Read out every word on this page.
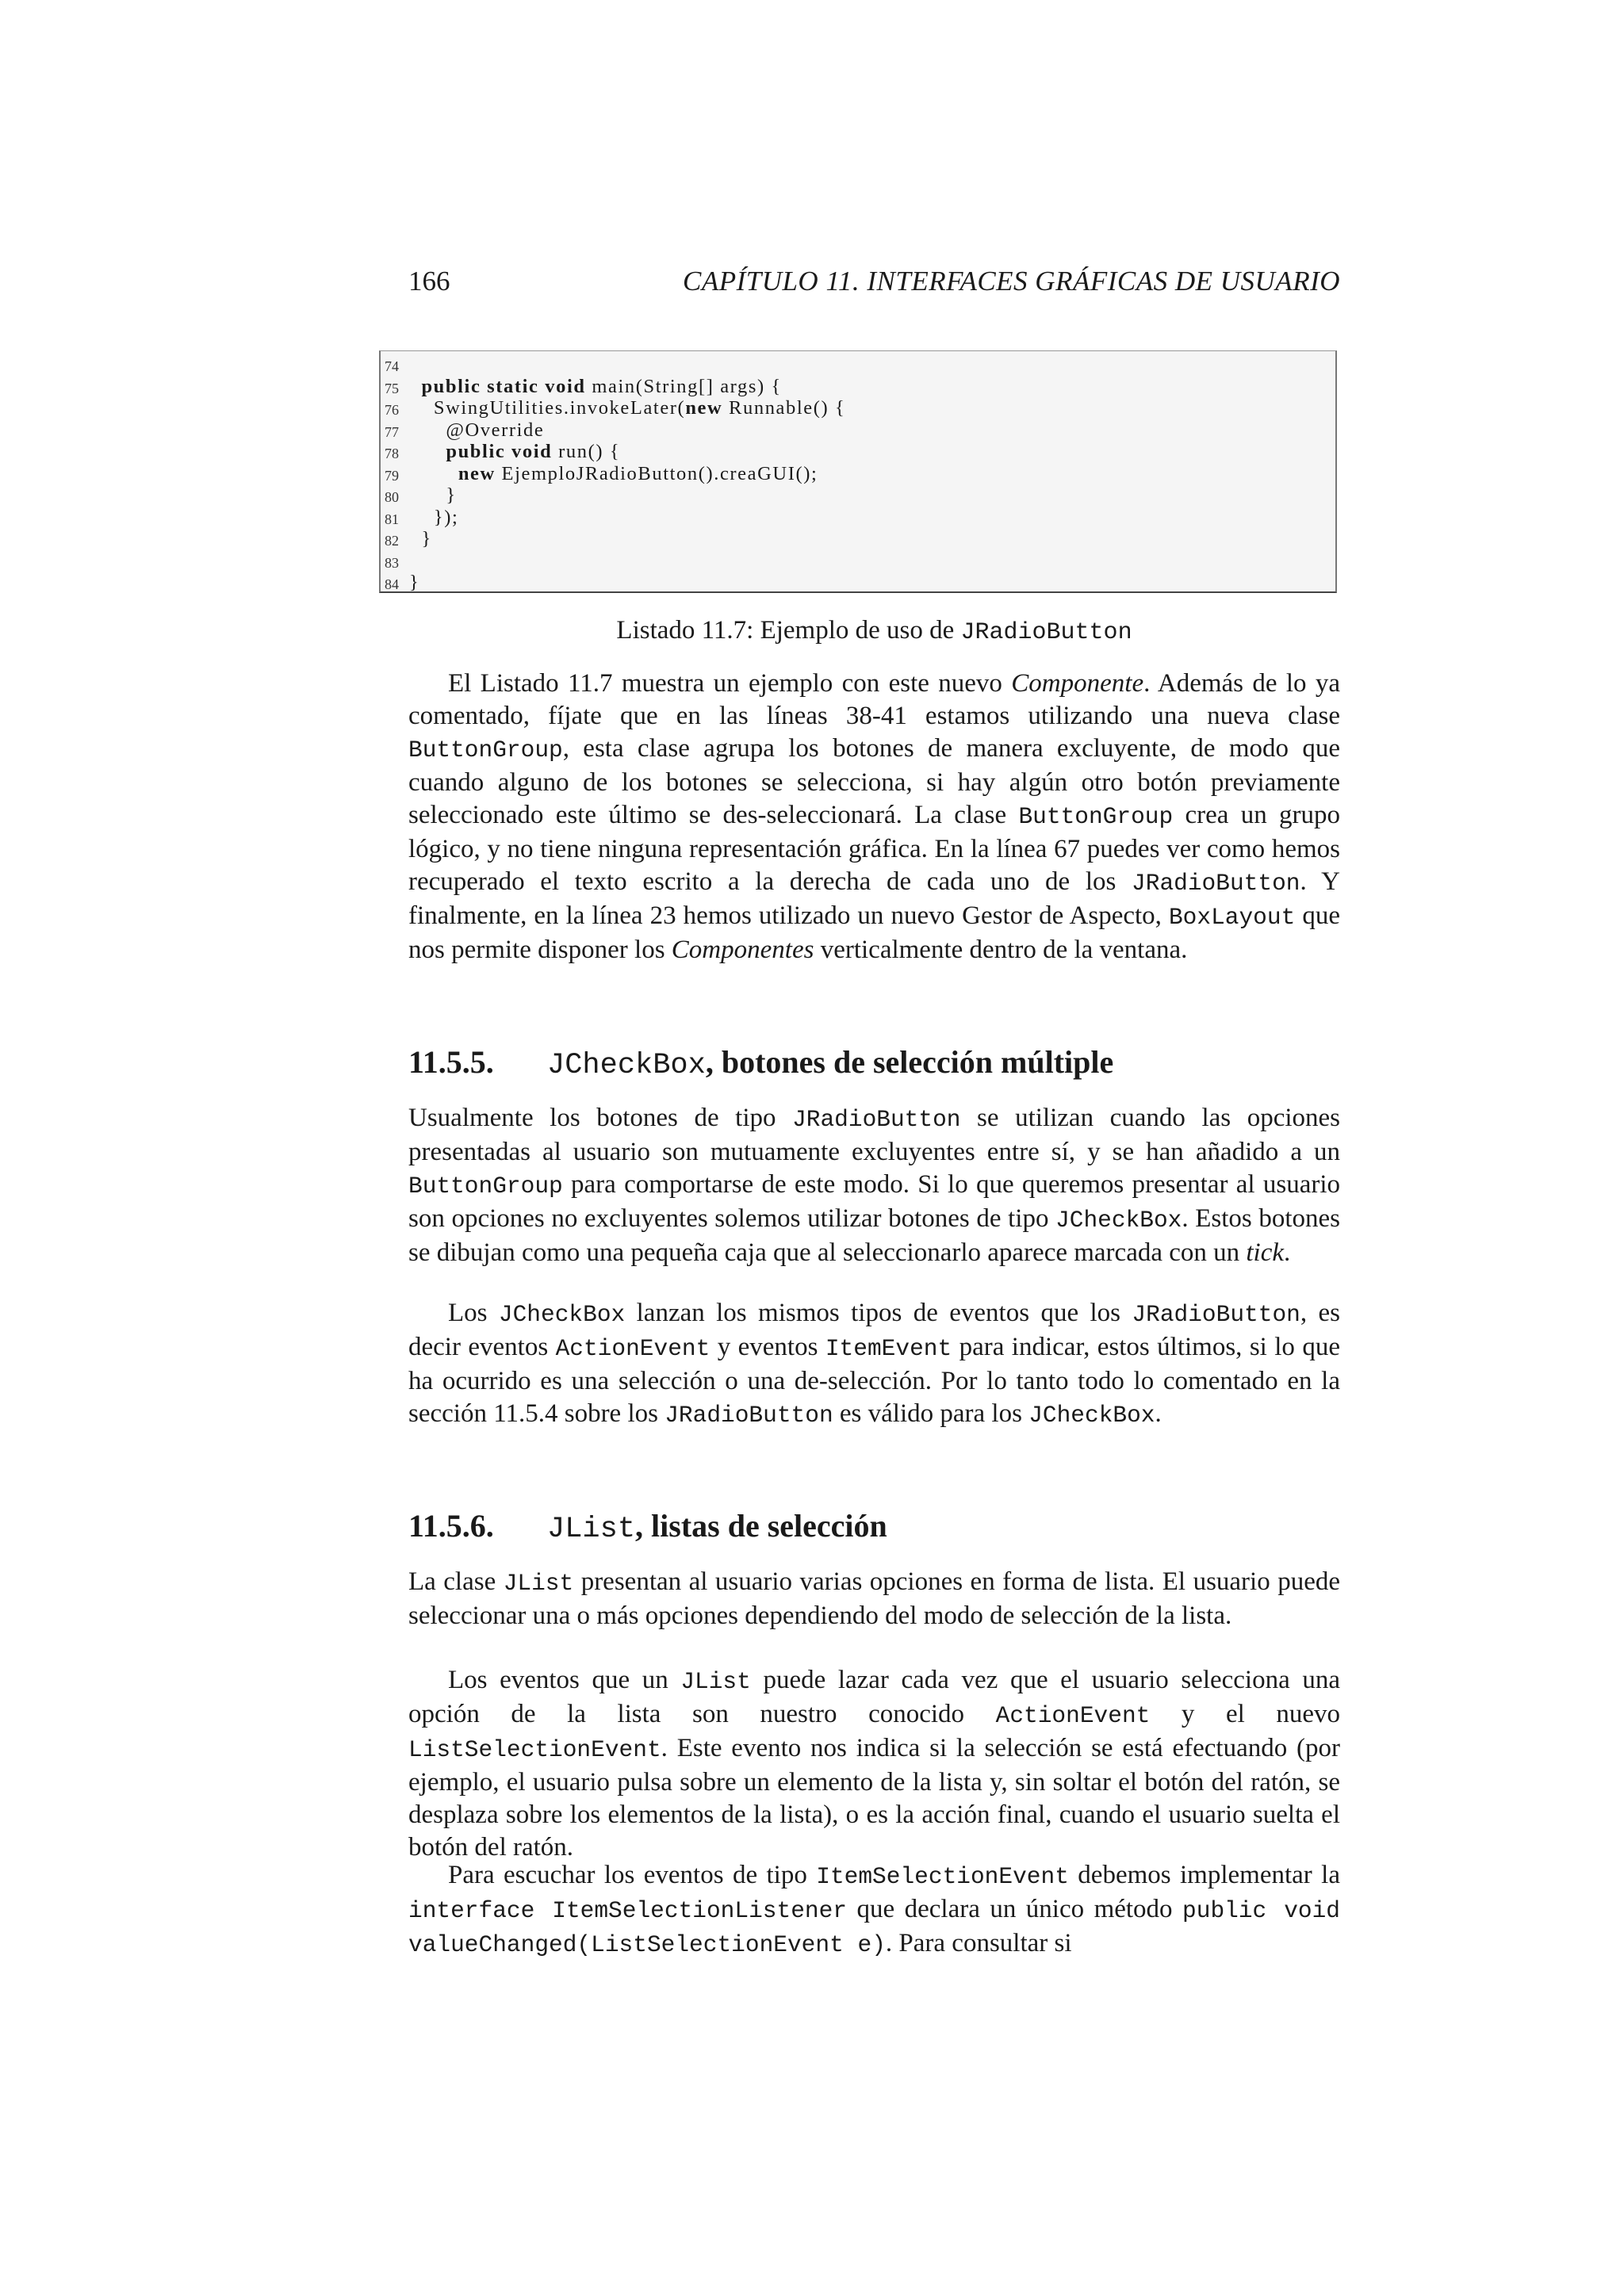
166	CAPÍTULO 11. INTERFACES GRÁFICAS DE USUARIO
74
75	public static void main(String[] args) {
76 SwingUtilities.invokeLater(new Runnable() {
77 @Override
78	public void run() {
79	new EjemploJRadioButton().creaGUI();
80 }
81 });
82 }
83
84 }
Listado 11.7: Ejemplo de uso de JRadioButton

El Listado 11.7 muestra un ejemplo con este nuevo Componente. Además de lo ya comentado, fíjate que en las líneas 38-41 estamos utilizando una nueva clase ButtonGroup, esta clase agrupa los botones de manera excluyente, de modo que cuando alguno de los botones se selecciona, si hay algún otro botón previamente seleccionado este último se des-seleccionará. La clase ButtonGroup crea un grupo lógico, y no tiene ninguna representación gráfica. En la línea 67 puedes ver como hemos recuperado el texto escrito a la derecha de cada uno de los JRadioButton. Y finalmente, en la línea 23 hemos utilizado un nuevo Gestor de Aspecto, BoxLayout que nos permite disponer los Componentes verticalmente dentro de la ventana.

11.5.5. JCheckBox, botones de selección múltiple

Usualmente los botones de tipo JRadioButton se utilizan cuando las opciones presentadas al usuario son mutuamente excluyentes entre sí, y se han añadido a un ButtonGroup para comportarse de este modo. Si lo que queremos presentar al usuario son opciones no excluyentes solemos utilizar botones de tipo JCheckBox. Estos botones se dibujan como una pequeña caja que al seleccionarlo aparece marcada con un tick.

Los JCheckBox lanzan los mismos tipos de eventos que los JRadioButton, es decir eventos ActionEvent y eventos ItemEvent para indicar, estos últimos, si lo que ha ocurrido es una selección o una de-selección. Por lo tanto todo lo comentado en la sección 11.5.4 sobre los JRadioButton es válido para los JCheckBox.

11.5.6. JList, listas de selección

La clase JList presentan al usuario varias opciones en forma de lista. El usuario puede seleccionar una o más opciones dependiendo del modo de selección de la lista.

Los eventos que un JList puede lazar cada vez que el usuario selecciona una opción de la lista son nuestro conocido ActionEvent y el nuevo ListSelectionEvent. Este evento nos indica si la selección se está efectuando (por ejemplo, el usuario pulsa sobre un elemento de la lista y, sin soltar el botón del ratón, se desplaza sobre los elementos de la lista), o es la acción final, cuando el usuario suelta el botón del ratón.

Para escuchar los eventos de tipo ItemSelectionEvent debemos implementar la interface ItemSelectionListener que declara un único método public void valueChanged(ListSelectionEvent e). Para consultar si
